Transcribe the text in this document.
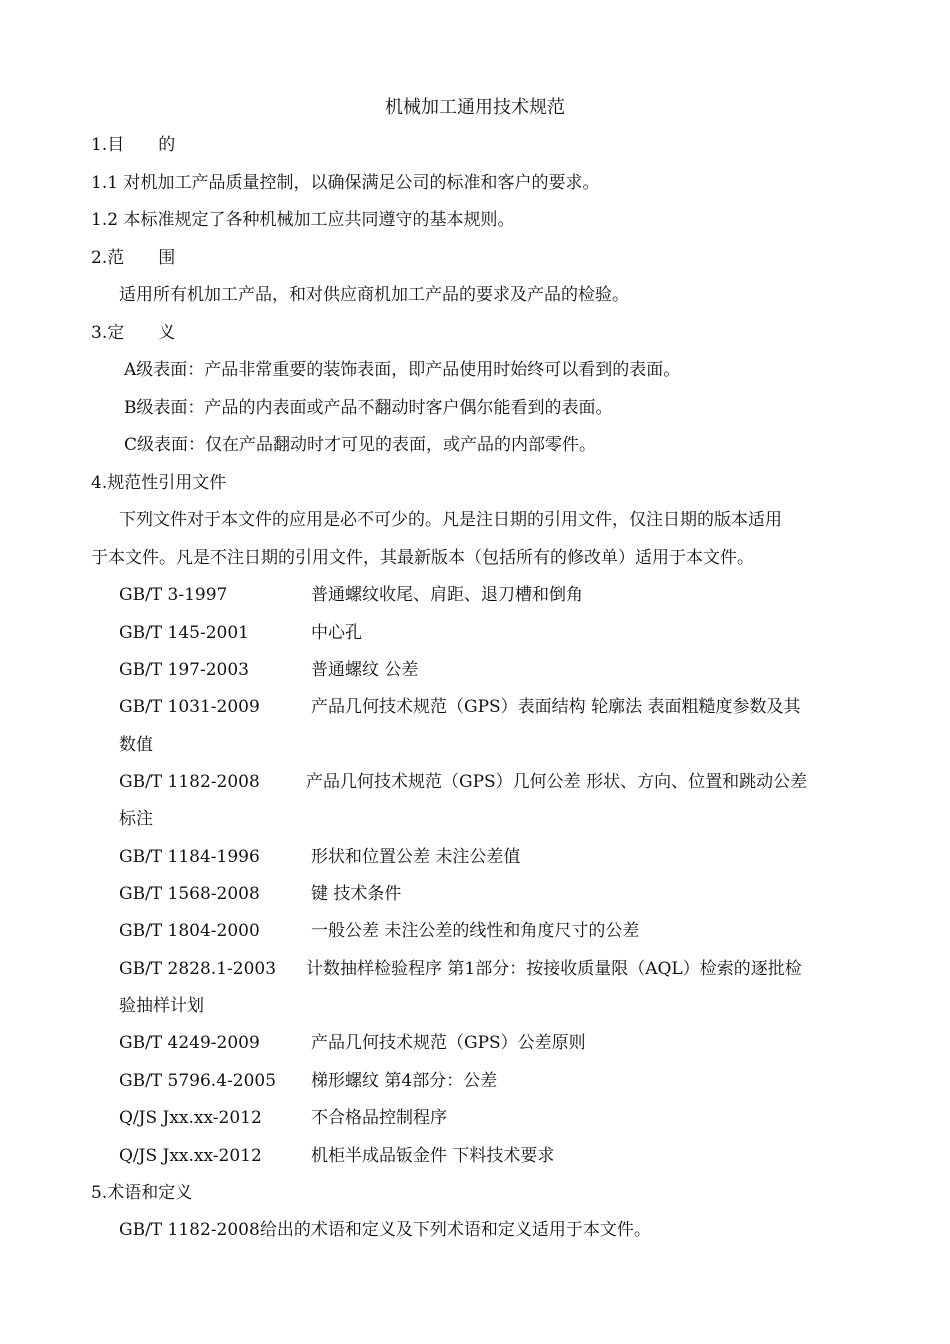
机械加工通用技术规范
1.目　　的
1.1 对机加工产品质量控制，以确保满足公司的标准和客户的要求。
1.2 本标准规定了各种机械加工应共同遵守的基本规则。
2.范　　围
适用所有机加工产品，和对供应商机加工产品的要求及产品的检验。
3.定　　义
A级表面：产品非常重要的装饰表面，即产品使用时始终可以看到的表面。
B级表面：产品的内表面或产品不翻动时客户偶尔能看到的表面。
C级表面：仅在产品翻动时才可见的表面，或产品的内部零件。
4.规范性引用文件
下列文件对于本文件的应用是必不可少的。凡是注日期的引用文件，仅注日期的版本适用
于本文件。凡是不注日期的引用文件，其最新版本（包括所有的修改单）适用于本文件。
GB/T 3-1997	普通螺纹收尾、肩距、退刀槽和倒角
GB/T 145-2001	中心孔
GB/T 197-2003	普通螺纹 公差
GB/T 1031-2009	产品几何技术规范（GPS）表面结构 轮廓法 表面粗糙度参数及其
数值
GB/T 1182-2008	产品几何技术规范（GPS）几何公差 形状、方向、位置和跳动公差
标注
GB/T 1184-1996	形状和位置公差 未注公差值
GB/T 1568-2008	键 技术条件
GB/T 1804-2000	一般公差 未注公差的线性和角度尺寸的公差
GB/T 2828.1-2003 计数抽样检验程序 第1部分：按接收质量限（AQL）检索的逐批检
验抽样计划
GB/T 4249-2009	产品几何技术规范（GPS）公差原则
GB/T 5796.4-2005 梯形螺纹 第4部分：公差
Q/JS Jxx.xx-2012	不合格品控制程序
Q/JS Jxx.xx-2012	机柜半成品钣金件 下料技术要求
5.术语和定义
GB/T 1182-2008给出的术语和定义及下列术语和定义适用于本文件。
